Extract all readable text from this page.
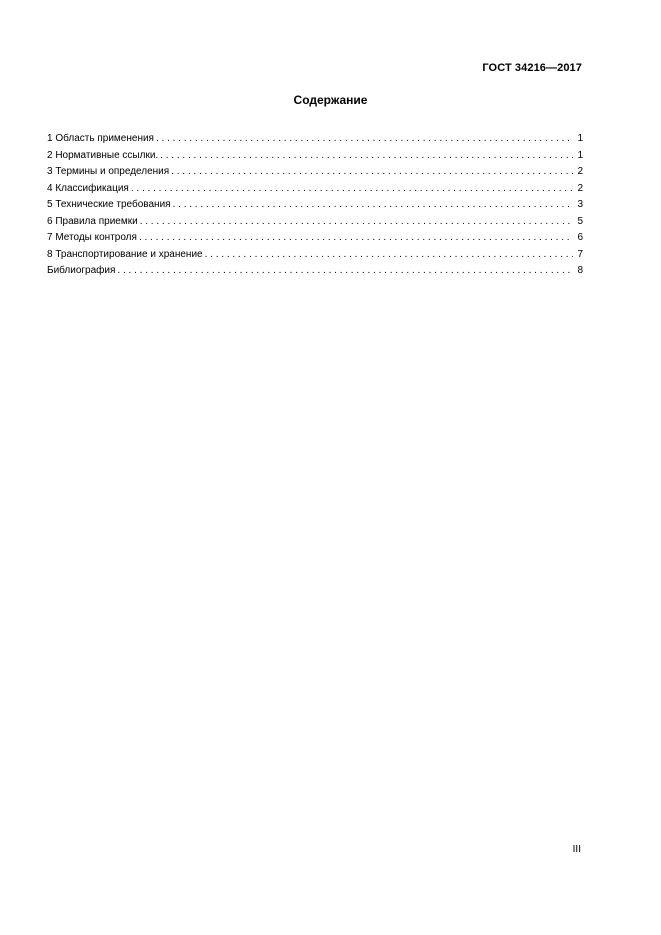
ГОСТ 34216—2017
Содержание
1 Область применения . . .	1
2 Нормативные ссылки. . . .	1
3 Термины и определения . . .	2
4 Классификация . . .	2
5 Технические требования . . .	3
6 Правила приемки . . .	5
7 Методы контроля . . .	6
8 Транспортирование и хранение . . .	7
Библиография . . .	8
III
